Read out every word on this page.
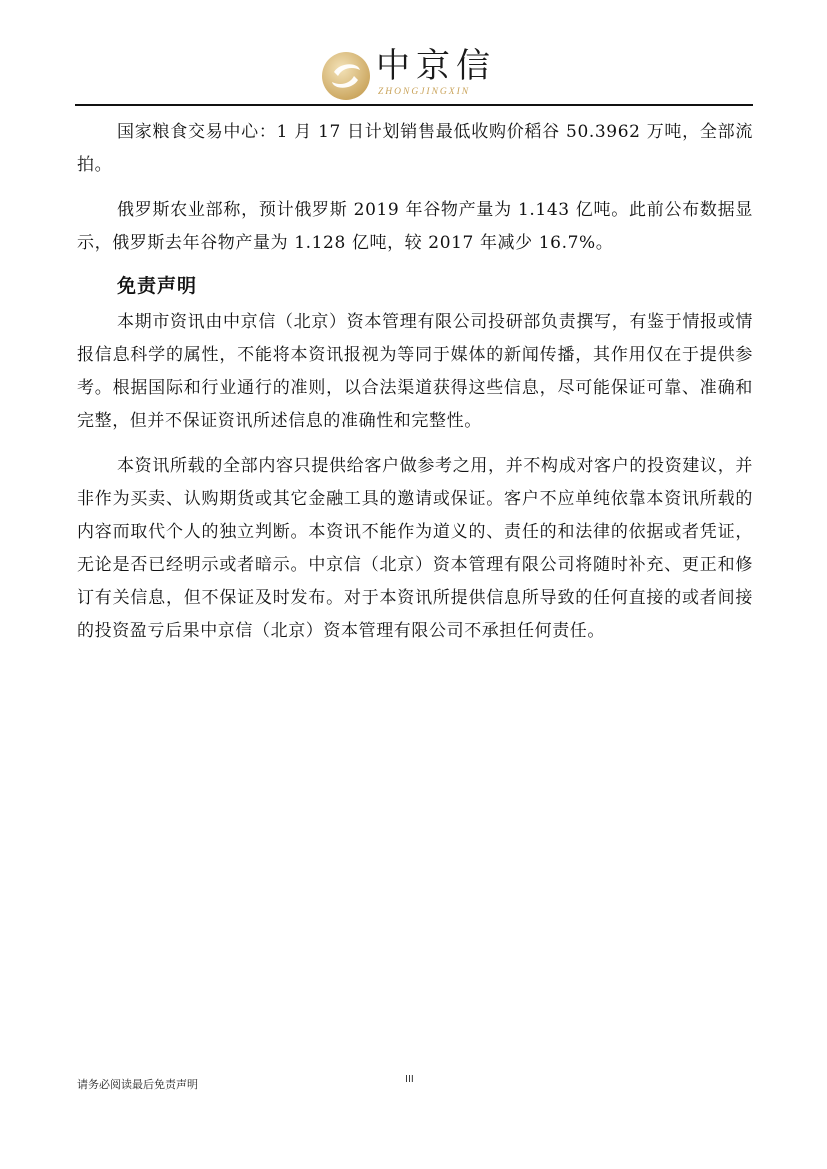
中京信
ZHONGJINGXIN

国家粮食交易中心：1 月 17 日计划销售最低收购价稻谷 50.3962 万吨，全部流拍。

俄罗斯农业部称，预计俄罗斯 2019 年谷物产量为 1.143 亿吨。此前公布数据显示，俄罗斯去年谷物产量为 1.128 亿吨，较 2017 年减少 16.7%。

免责声明

本期市资讯由中京信（北京）资本管理有限公司投研部负责撰写，有鉴于情报或情报信息科学的属性，不能将本资讯报视为等同于媒体的新闻传播，其作用仅在于提供参考。根据国际和行业通行的准则，以合法渠道获得这些信息，尽可能保证可靠、准确和完整，但并不保证资讯所述信息的准确性和完整性。

本资讯所载的全部内容只提供给客户做参考之用，并不构成对客户的投资建议，并非作为买卖、认购期货或其它金融工具的邀请或保证。客户不应单纯依靠本资讯所载的内容而取代个人的独立判断。本资讯不能作为道义的、责任的和法律的依据或者凭证，无论是否已经明示或者暗示。中京信（北京）资本管理有限公司将随时补充、更正和修订有关信息，但不保证及时发布。对于本资讯所提供信息所导致的任何直接的或者间接的投资盈亏后果中京信（北京）资本管理有限公司不承担任何责任。

请务必阅读最后免责声明	III
